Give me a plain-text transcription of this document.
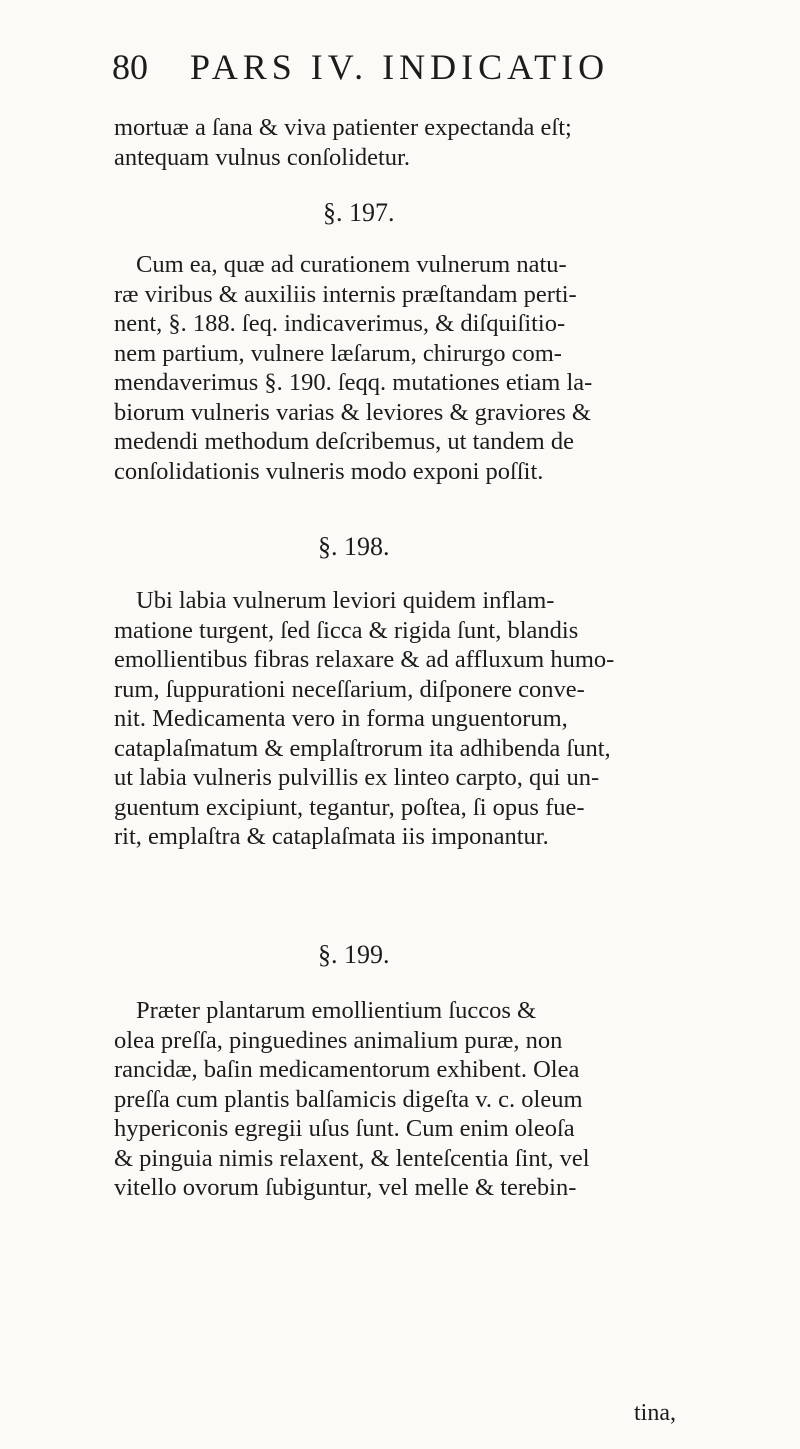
80 PARS IV. INDICATIO

mortuæ a ſana & viva patienter expectanda eſt;
antequam vulnus conſolidetur.

§. 197.

Cum ea, quæ ad curationem vulnerum natu-
ræ viribus & auxiliis internis præſtandam perti-
nent, §. 188. ſeq. indicaverimus, & diſquiſitio-
nem partium, vulnere læſarum, chirurgo com-
mendaverimus §. 190. ſeqq. mutationes etiam la-
biorum vulneris varias & leviores & graviores &
medendi methodum deſcribemus, ut tandem de
conſolidationis vulneris modo exponi poſſit.

§. 198.

Ubi labia vulnerum leviori quidem inflam-
matione turgent, ſed ſicca & rigida ſunt, blandis
emollientibus fibras relaxare & ad affluxum humo-
rum, ſuppurationi neceſſarium, diſponere conve-
nit. Medicamenta vero in forma unguentorum,
cataplaſmatum & emplaſtrorum ita adhibenda ſunt,
ut labia vulneris pulvillis ex linteo carpto, qui un-
guentum excipiunt, tegantur, poſtea, ſi opus fue-
rit, emplaſtra & cataplaſmata iis imponantur.

§. 199.

Præter plantarum emollientium ſuccos &
olea preſſa, pinguedines animalium puræ, non
rancidæ, baſin medicamentorum exhibent. Olea
preſſa cum plantis balſamicis digeſta v. c. oleum
hyperiсonis egregii uſus ſunt. Cum enim oleoſa
& pinguia nimis relaxent, & lenteſcentia ſint, vel
vitello ovorum ſubiguntur, vel melle & terebin-

tina,
